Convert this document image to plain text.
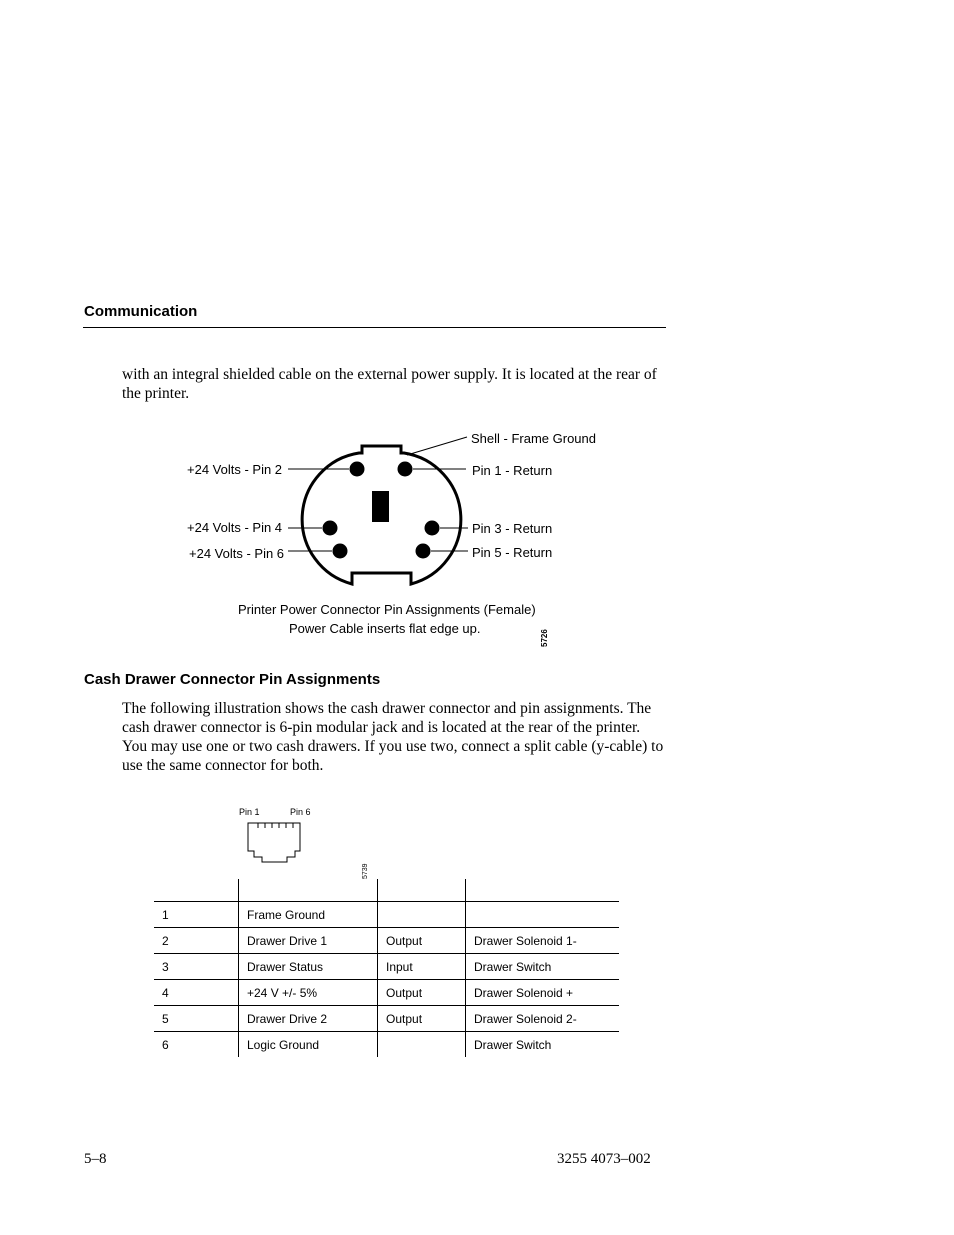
Communication
with an integral shielded cable on the external power supply. It is located at the rear of the printer.
Shell - Frame Ground
Pin 1 - Return
+24 Volts - Pin 2
Pin 3 - Return
+24 Volts - Pin 4
Pin 5 - Return
+24 Volts - Pin 6
Printer Power Connector Pin Assignments (Female)
Power Cable inserts flat edge up.
5726
Cash Drawer Connector Pin Assignments
The following illustration shows the cash drawer connector and pin assignments. The cash drawer connector is 6-pin modular jack and is located at the rear of the printer. You may use one or two cash drawers. If you use two, connect a split cable (y-cable) to use the same connector for both.
Pin 1	Pin 6
5739

1	Frame Ground		
2	Drawer Drive 1	Output	Drawer Solenoid 1-
3	Drawer Status	Input	Drawer Switch
4	+24 V +/- 5%	Output	Drawer Solenoid +
5	Drawer Drive 2	Output	Drawer Solenoid 2-
6	Logic Ground		Drawer Switch
5–8	3255 4073–002
